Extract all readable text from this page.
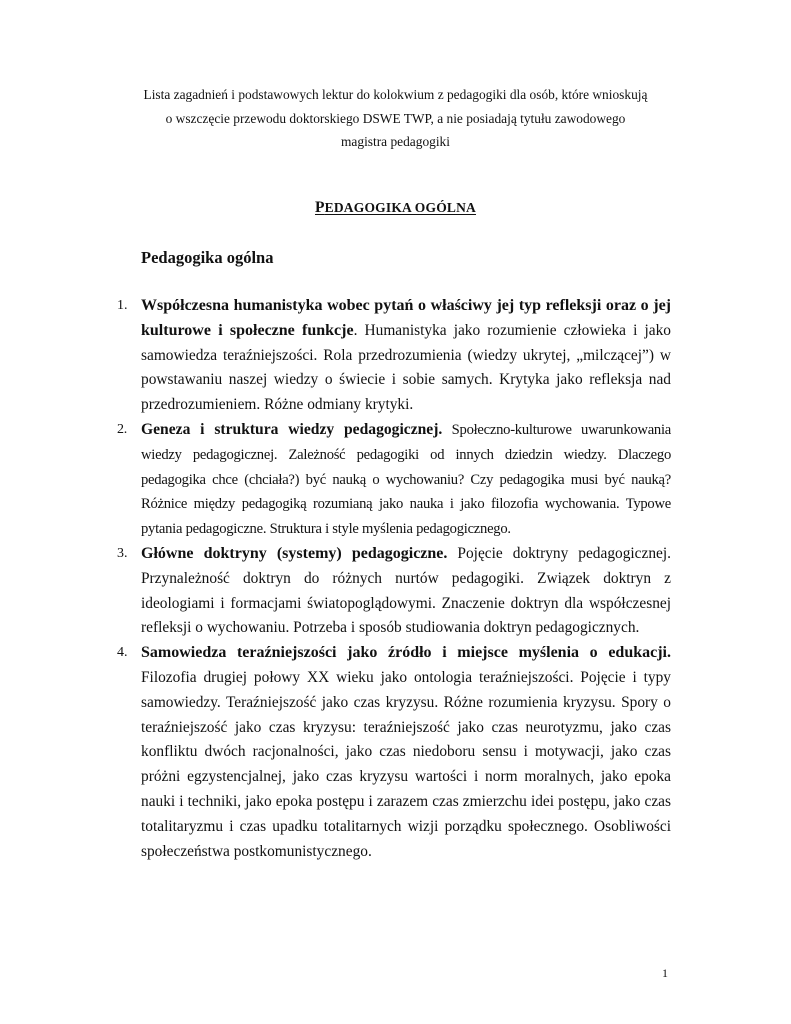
Lista zagadnień i podstawowych lektur do kolokwium z pedagogiki dla osób, które wnioskują
o wszczęcie przewodu doktorskiego DSWE TWP, a nie posiadają tytułu zawodowego
magistra pedagogiki
PEDAGOGIKA OGÓLNA
Pedagogika ogólna
1. Współczesna humanistyka wobec pytań o właściwy jej typ refleksji oraz o jej kulturowe i społeczne funkcje. Humanistyka jako rozumienie człowieka i jako samowiedza teraźniejszości. Rola przedrozumienia (wiedzy ukrytej, „milczącej”) w powstawaniu naszej wiedzy o świecie i sobie samych. Krytyka jako refleksja nad przedrozumieniem. Różne odmiany krytyki.
2. Geneza i struktura wiedzy pedagogicznej. Społeczno-kulturowe uwarunkowania wiedzy pedagogicznej. Zależność pedagogiki od innych dziedzin wiedzy. Dlaczego pedagogika chce (chciała?) być nauką o wychowaniu? Czy pedagogika musi być nauką? Różnice między pedagogiką rozumianą jako nauka i jako filozofia wychowania. Typowe pytania pedagogiczne. Struktura i style myślenia pedagogicznego.
3. Główne doktryny (systemy) pedagogiczne. Pojęcie doktryny pedagogicznej. Przynależność doktryn do różnych nurtów pedagogiki. Związek doktryn z ideologiami i formacjami światopoglądowymi. Znaczenie doktryn dla współczesnej refleksji o wychowaniu. Potrzeba i sposób studiowania doktryn pedagogicznych.
4. Samowiedza teraźniejszości jako źródło i miejsce myślenia o edukacji. Filozofia drugiej połowy XX wieku jako ontologia teraźniejszości. Pojęcie i typy samowiedzy. Teraźniejszość jako czas kryzysu. Różne rozumienia kryzysu. Spory o teraźniejszość jako czas kryzysu: teraźniejszość jako czas neurotyzmu, jako czas konfliktu dwóch racjonalności, jako czas niedoboru sensu i motywacji, jako czas próżni egzystencjalnej, jako czas kryzysu wartości i norm moralnych, jako epoka nauki i techniki, jako epoka postępu i zarazem czas zmierzchu idei postępu, jako czas totalitaryzmu i czas upadku totalitarnych wizji porządku społecznego. Osobliwości społeczeństwa postkomunistycznego.
1
